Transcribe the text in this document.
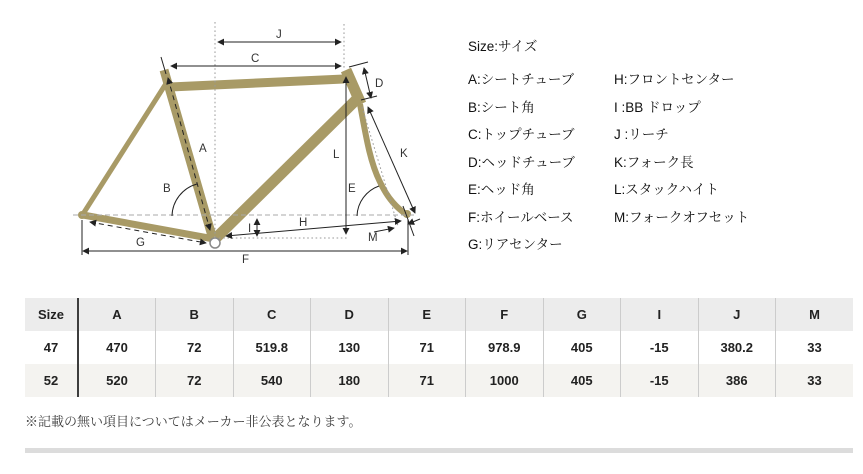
J
C
A
D
L	K
B	E
H
I
G
F
M
Size:サイズ
A:シートチューブ
B:シート角
C:トップチューブ
D:ヘッドチューブ
E:ヘッド角
F:ホイールベース
G:リアセンター
H:フロントセンター
I :BB ドロップ
J :リーチ
K:フォーク長
L:スタックハイト
M:フォークオフセット
Size	A	B	C	D	E	F	G	I	J	M
47	470	72	519.8	130	71	978.9	405	-15	380.2	33
52	520	72	540	180	71	1000	405	-15	386	33
※記載の無い項目についてはメーカー非公表となります。
